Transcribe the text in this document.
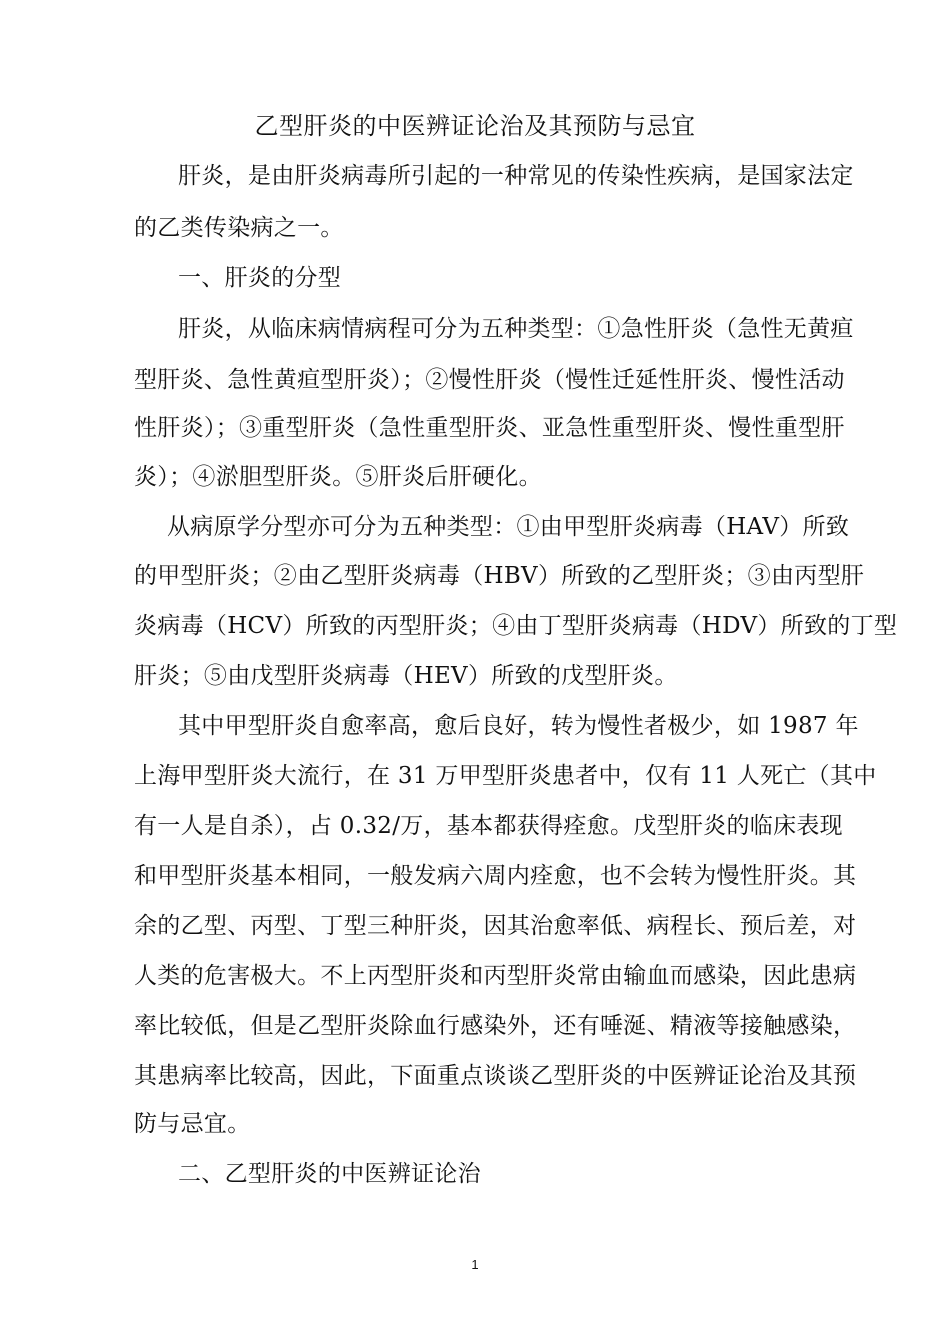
乙型肝炎的中医辨证论治及其预防与忌宜
肝炎，是由肝炎病毒所引起的一种常见的传染性疾病，是国家法定
的乙类传染病之一。
一、肝炎的分型
肝炎，从临床病情病程可分为五种类型：①急性肝炎（急性无黄疸
型肝炎、急性黄疸型肝炎）；②慢性肝炎（慢性迁延性肝炎、慢性活动
性肝炎）；③重型肝炎（急性重型肝炎、亚急性重型肝炎、慢性重型肝
炎）；④淤胆型肝炎。⑤肝炎后肝硬化。
从病原学分型亦可分为五种类型：①由甲型肝炎病毒（HAV）所致
的甲型肝炎；②由乙型肝炎病毒（HBV）所致的乙型肝炎；③由丙型肝
炎病毒（HCV）所致的丙型肝炎；④由丁型肝炎病毒（HDV）所致的丁型
肝炎；⑤由戊型肝炎病毒（HEV）所致的戊型肝炎。
其中甲型肝炎自愈率高，愈后良好，转为慢性者极少，如 1987 年
上海甲型肝炎大流行，在 31 万甲型肝炎患者中，仅有 11 人死亡（其中
有一人是自杀），占 0.32/万，基本都获得痊愈。戊型肝炎的临床表现
和甲型肝炎基本相同，一般发病六周内痊愈，也不会转为慢性肝炎。其
余的乙型、丙型、丁型三种肝炎，因其治愈率低、病程长、预后差，对
人类的危害极大。不上丙型肝炎和丙型肝炎常由输血而感染，因此患病
率比较低，但是乙型肝炎除血行感染外，还有唾涎、精液等接触感染，
其患病率比较高，因此，下面重点谈谈乙型肝炎的中医辨证论治及其预
防与忌宜。
二、乙型肝炎的中医辨证论治
1
